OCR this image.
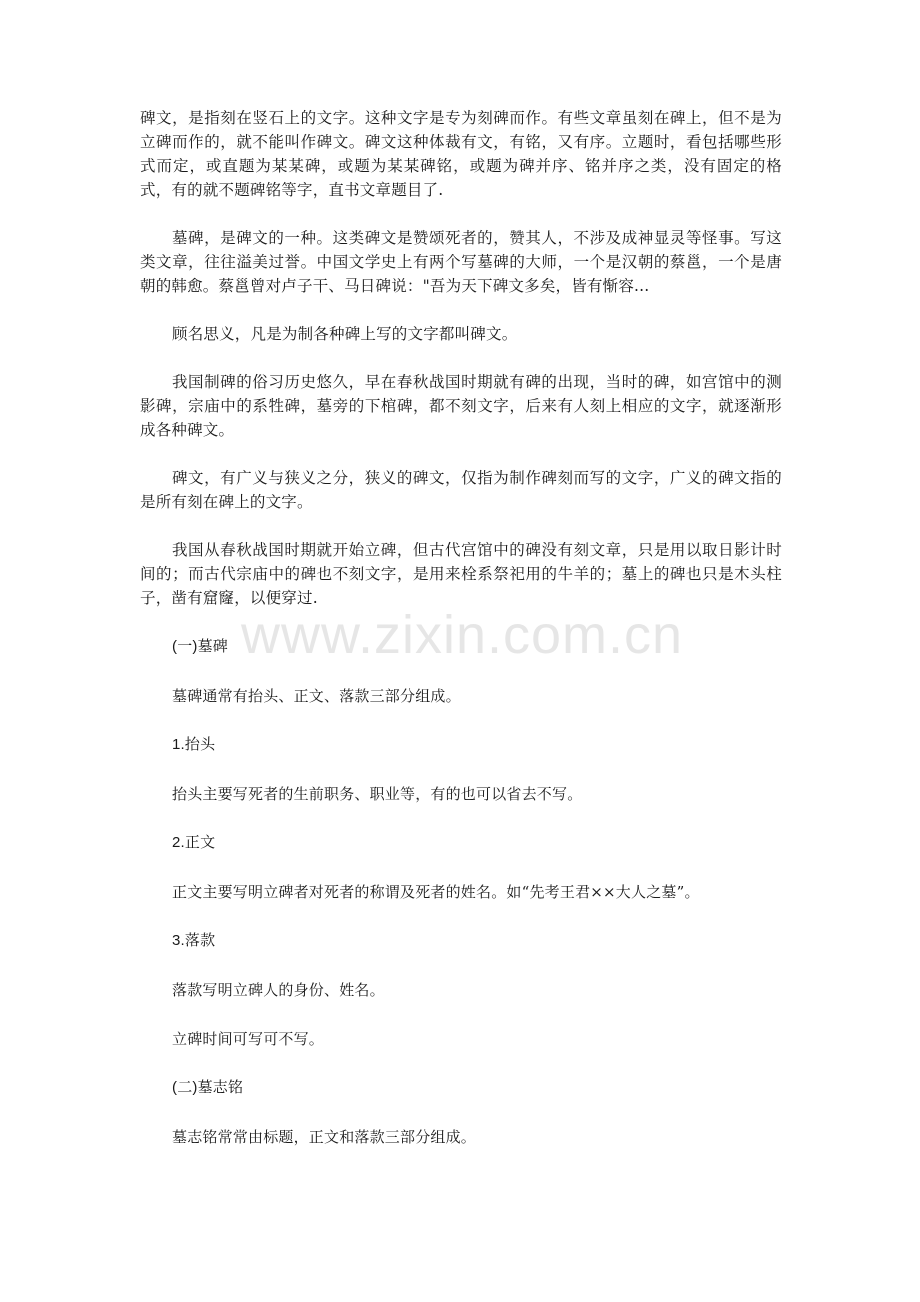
碑文，是指刻在竖石上的文字。这种文字是专为刻碑而作。有些文章虽刻在碑上，但不是为立碑而作的，就不能叫作碑文。碑文这种体裁有文，有铭，又有序。立题时，看包括哪些形式而定，或直题为某某碑，或题为某某碑铭，或题为碑并序、铭并序之类，没有固定的格式，有的就不题碑铭等字，直书文章题目了.

墓碑，是碑文的一种。这类碑文是赞颂死者的，赞其人，不涉及成神显灵等怪事。写这类文章，往往溢美过誉。中国文学史上有两个写墓碑的大师，一个是汉朝的蔡邕，一个是唐朝的韩愈。蔡邕曾对卢子干、马日碑说："吾为天下碑文多矣，皆有惭容...

顾名思义，凡是为制各种碑上写的文字都叫碑文。

我国制碑的俗习历史悠久，早在春秋战国时期就有碑的出现，当时的碑，如宫馆中的测影碑，宗庙中的系牲碑，墓旁的下棺碑，都不刻文字，后来有人刻上相应的文字，就逐渐形成各种碑文。

碑文，有广义与狭义之分，狭义的碑文，仅指为制作碑刻而写的文字，广义的碑文指的是所有刻在碑上的文字。

我国从春秋战国时期就开始立碑，但古代宫馆中的碑没有刻文章，只是用以取日影计时间的；而古代宗庙中的碑也不刻文字，是用来栓系祭祀用的牛羊的；墓上的碑也只是木头柱子，凿有窟窿，以便穿过.

(一)墓碑

墓碑通常有抬头、正文、落款三部分组成。

1.抬头

抬头主要写死者的生前职务、职业等，有的也可以省去不写。

2.正文

正文主要写明立碑者对死者的称谓及死者的姓名。如“先考王君××大人之墓”。

3.落款

落款写明立碑人的身份、姓名。

立碑时间可写可不写。

(二)墓志铭

墓志铭常常由标题，正文和落款三部分组成。

www.zixin.com.cn
